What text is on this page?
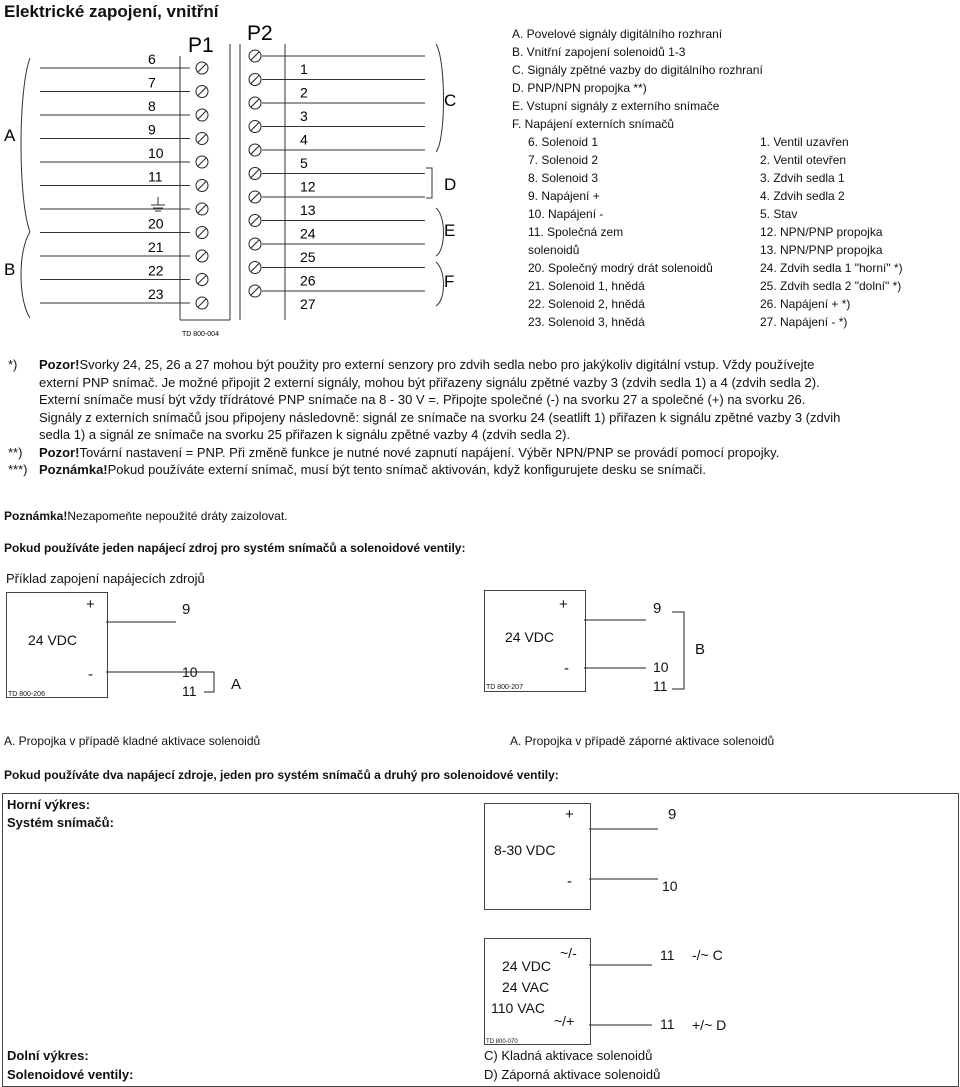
Elektrické zapojení, vnitřní
P1
TD 800-004
P2
6
7
8
9
10
11
20
21
22
23
1
2
3
4
5
12
13
24
25
26
27
A
B
C
D
E
F
A. Povelové signály digitálního rozhraní
B. Vnitřní zapojení solenoidů 1-3
C. Signály zpětné vazby do digitálního rozhraní
D. PNP/NPN propojka **)
E. Vstupní signály z externího snímače
F. Napájení externích snímačů
6. Solenoid 1
7. Solenoid 2
8. Solenoid 3
9. Napájení +
10. Napájení -
11. Společná zem
solenoidů
20. Společný modrý drát solenoidů
21. Solenoid 1, hnědá
22. Solenoid 2, hnědá
23. Solenoid 3, hnědá
1. Ventil uzavřen
2. Ventil otevřen
3. Zdvih sedla 1
4. Zdvih sedla 2
5. Stav
12. NPN/PNP propojka
13. NPN/PNP propojka
24. Zdvih sedla 1 "horní" *)
25. Zdvih sedla 2 "dolní" *)
26. Napájení + *)
27. Napájení - *)
*)	Pozor!Svorky 24, 25, 26 a 27 mohou být použity pro externí senzory pro zdvih sedla nebo pro jakýkoliv digitální vstup. Vždy používejte
externí PNP snímač. Je možné připojit 2 externí signály, mohou být přiřazeny signálu zpětné vazby 3 (zdvih sedla 1) a 4 (zdvih sedla 2).
Externí snímače musí být vždy třídrátové PNP snímače na 8 - 30 V =. Připojte společné (-) na svorku 27 a společné (+) na svorku 26.
Signály z externích snímačů jsou připojeny následovně: signál ze snímače na svorku 24 (seatlift 1) přiřazen k signálu zpětné vazby 3 (zdvih
sedla 1) a signál ze snímače na svorku 25 přiřazen k signálu zpětné vazby 4 (zdvih sedla 2).
**)	Pozor!Tovární nastavení = PNP. Při změně funkce je nutné nové zapnutí napájení. Výběr NPN/PNP se provádí pomocí propojky.
***) Poznámka!Pokud používáte externí snímač, musí být tento snímač aktivován, když konfigurujete desku se snímači.
Poznámka!Nezapomeňte nepoužité dráty zaizolovat.
Pokud používáte jeden napájecí zdroj pro systém snímačů a solenoidové ventily:
Příklad zapojení napájecích zdrojů
24 VDC
+
-
9
10
11 A
TD 800-206
A. Propojka v případě kladné aktivace solenoidů
24 VDC
+
-
9
10
11
B
TD 800-207
A. Propojka v případě záporné aktivace solenoidů
Pokud používáte dva napájecí zdroje, jeden pro systém snímačů a druhý pro solenoidové ventily:
Horní výkres:
Systém snímačů:
8-30 VDC
+
-
9
10
24 VDC
24 VAC
110 VAC
~/-
~/+
11
11
-/~ C
+/~ D
TD 800-070
Dolní výkres:
Solenoidové ventily:
C) Kladná aktivace solenoidů
D) Záporná aktivace solenoidů
